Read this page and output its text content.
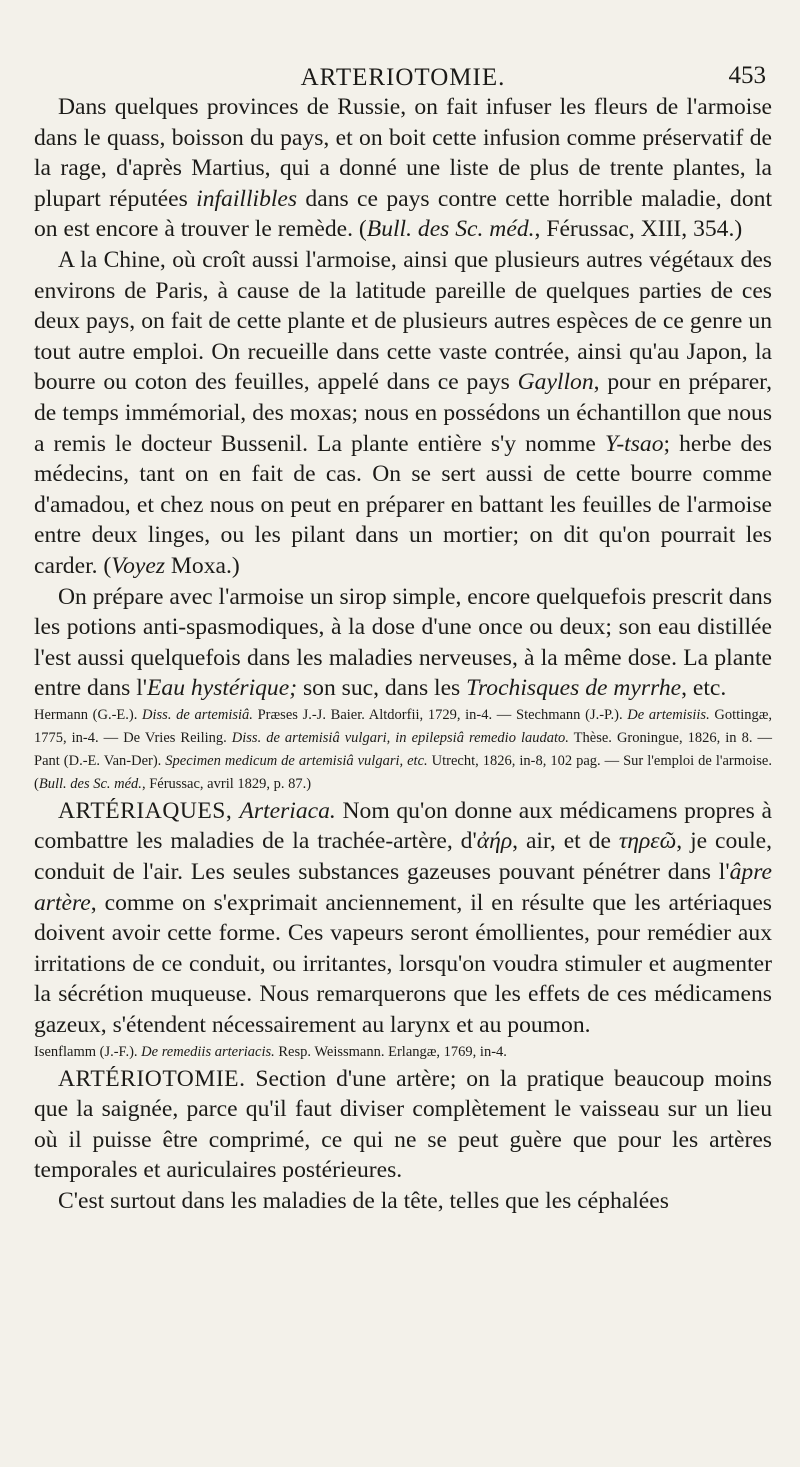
ARTERIOTOMIE.	453

Dans quelques provinces de Russie, on fait infuser les fleurs de l'armoise dans le quass, boisson du pays, et on boit cette infusion comme préservatif de la rage, d'après Martius, qui a donné une liste de plus de trente plantes, la plupart réputées infaillibles dans ce pays contre cette horrible maladie, dont on est encore à trouver le remède. (Bull. des Sc. méd., Férussac, XIII, 354.)

A la Chine, où croît aussi l'armoise, ainsi que plusieurs autres végétaux des environs de Paris, à cause de la latitude pareille de quelques parties de ces deux pays, on fait de cette plante et de plusieurs autres espèces de ce genre un tout autre emploi. On recueille dans cette vaste contrée, ainsi qu'au Japon, la bourre ou coton des feuilles, appelé dans ce pays Gayllon, pour en préparer, de temps immémorial, des moxas; nous en possédons un échantillon que nous a remis le docteur Bussenil. La plante entière s'y nomme Y-tsao; herbe des médecins, tant on en fait de cas. On se sert aussi de cette bourre comme d'amadou, et chez nous on peut en préparer en battant les feuilles de l'armoise entre deux linges, ou les pilant dans un mortier; on dit qu'on pourrait les carder. (Voyez Moxa.)

On prépare avec l'armoise un sirop simple, encore quelquefois prescrit dans les potions anti-spasmodiques, à la dose d'une once ou deux; son eau distillée l'est aussi quelquefois dans les maladies nerveuses, à la même dose. La plante entre dans l'Eau hystérique; son suc, dans les Trochisques de myrrhe, etc.

Hermann (G.-E.). Diss. de artemisiâ. Præses J.-J. Baier. Altdorfii, 1729, in-4. — Stechmann (J.-P.). De artemisiis. Gottingæ, 1775, in-4. — De Vries Reiling. Diss. de artemisiâ vulgari, in epilepsiâ remedio laudato. Thèse. Groningue, 1826, in 8. — Pant (D.-E. Van-Der). Specimen medicum de artemisiâ vulgari, etc. Utrecht, 1826, in-8, 102 pag. — Sur l'emploi de l'armoise. (Bull. des Sc. méd., Férussac, avril 1829, p. 87.)

ARTÉRIAQUES, Arteriaca. Nom qu'on donne aux médicamens propres à combattre les maladies de la trachée-artère, d'ἀήρ, air, et de τηρεῶ, je coule, conduit de l'air. Les seules substances gazeuses pouvant pénétrer dans l'âpre artère, comme on s'exprimait anciennement, il en résulte que les artériaques doivent avoir cette forme. Ces vapeurs seront émollientes, pour remédier aux irritations de ce conduit, ou irritantes, lorsqu'on voudra stimuler et augmenter la sécrétion muqueuse. Nous remarquerons que les effets de ces médicamens gazeux, s'étendent nécessairement au larynx et au poumon.

Isenflamm (J.-F.). De remediis arteriacis. Resp. Weissmann. Erlangæ, 1769, in-4.

ARTÉRIOTOMIE. Section d'une artère; on la pratique beaucoup moins que la saignée, parce qu'il faut diviser complètement le vaisseau sur un lieu où il puisse être comprimé, ce qui ne se peut guère que pour les artères temporales et auriculaires postérieures.

C'est surtout dans les maladies de la tête, telles que les céphalées
